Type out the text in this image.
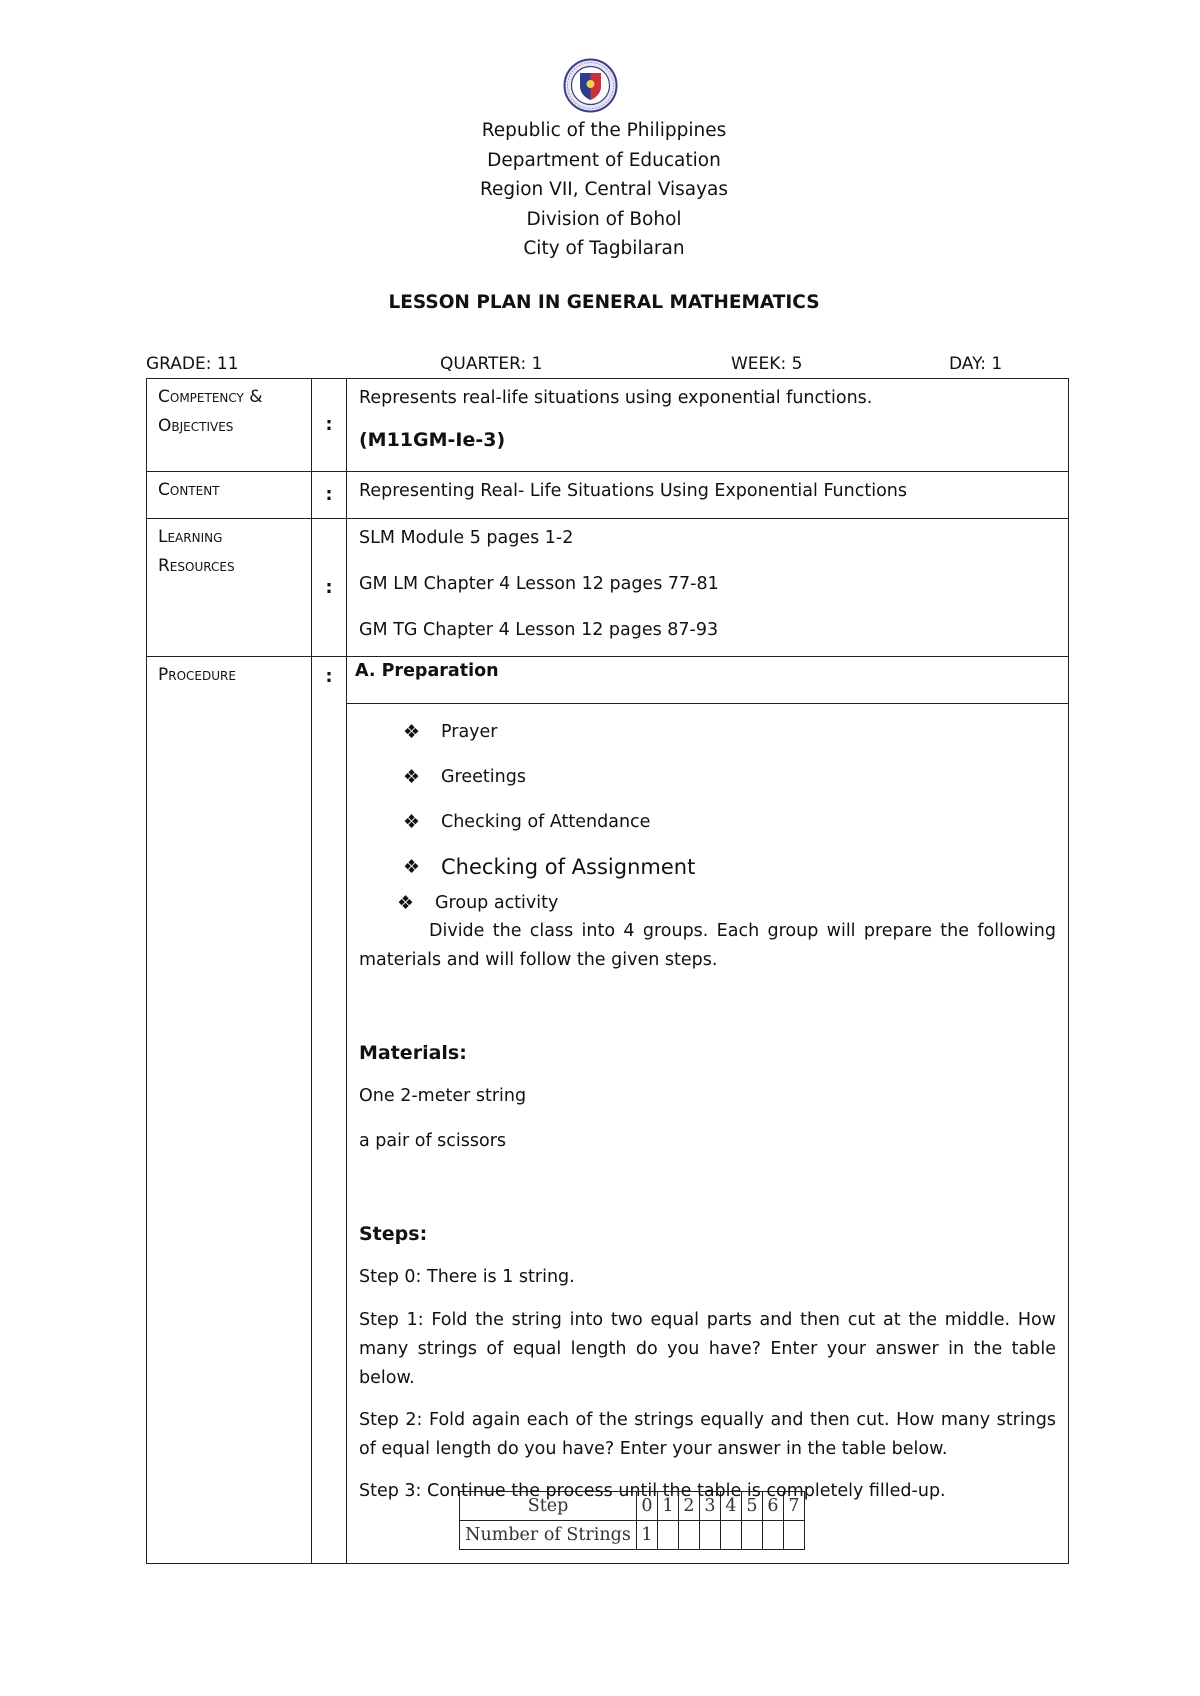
Republic of the Philippines
Department of Education
Region VII, Central Visayas
Division of Bohol
City of Tagbilaran
LESSON PLAN IN GENERAL MATHEMATICS
GRADE: 11	QUARTER: 1	WEEK: 5	DAY: 1
Competency &
Objectives	:	
Represents real-life situations using exponential functions.
(M11GM-Ie-3)

Content	:	Representing Real- Life Situations Using Exponential Functions

Learning
Resources
	:	

SLM Module 5 pages 1-2

GM LM Chapter 4 Lesson 12 pages 77-81

GM TG Chapter 4 Lesson 12 pages 87-93

Procedure	:	A. Preparation

❖	Prayer
❖	Greetings
❖	Checking of Attendance
❖ Checking of Assignment
❖	Group activity
Divide the class into 4 groups. Each group will prepare the following materials and will follow the given steps.
Materials:
One 2-meter string
a pair of scissors
Steps:
Step 0: There is 1 string.
Step 1: Fold the string into two equal parts and then cut at the middle. How many strings of equal length do you have? Enter your answer in the table below.
Step 2: Fold again each of the strings equally and then cut. How many strings of equal length do you have? Enter your answer in the table below.
Step 3: Continue the process until the table is completely filled-up.
Step	0	1	2	3	4	5	6	7
Number of Strings	1							
